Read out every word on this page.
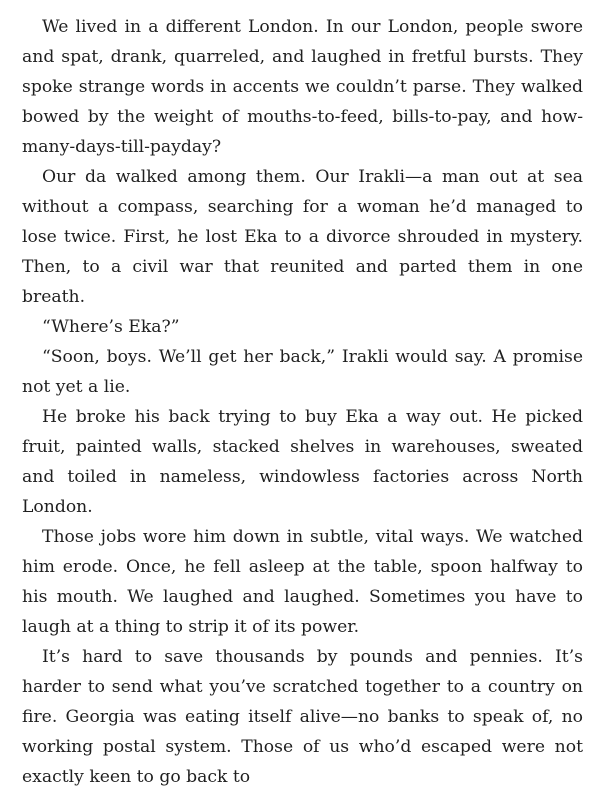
We lived in a different London. In our London, people swore and spat, drank, quarreled, and laughed in fretful bursts. They spoke strange words in accents we couldn’t parse. They walked bowed by the weight of mouths-to-feed, bills-to-pay, and how-many-days-till-payday?

Our da walked among them. Our Irakli—a man out at sea without a compass, searching for a woman he’d managed to lose twice. First, he lost Eka to a divorce shrouded in mystery. Then, to a civil war that reunited and parted them in one breath.

“Where’s Eka?”

“Soon, boys. We’ll get her back,” Irakli would say. A promise not yet a lie.

He broke his back trying to buy Eka a way out. He picked fruit, painted walls, stacked shelves in warehouses, sweated and toiled in nameless, windowless factories across North London.

Those jobs wore him down in subtle, vital ways. We watched him erode. Once, he fell asleep at the table, spoon halfway to his mouth. We laughed and laughed. Sometimes you have to laugh at a thing to strip it of its power.

It’s hard to save thousands by pounds and pennies. It’s harder to send what you’ve scratched together to a country on fire. Georgia was eating itself alive—no banks to speak of, no working postal system. Those of us who’d escaped were not exactly keen to go back to
